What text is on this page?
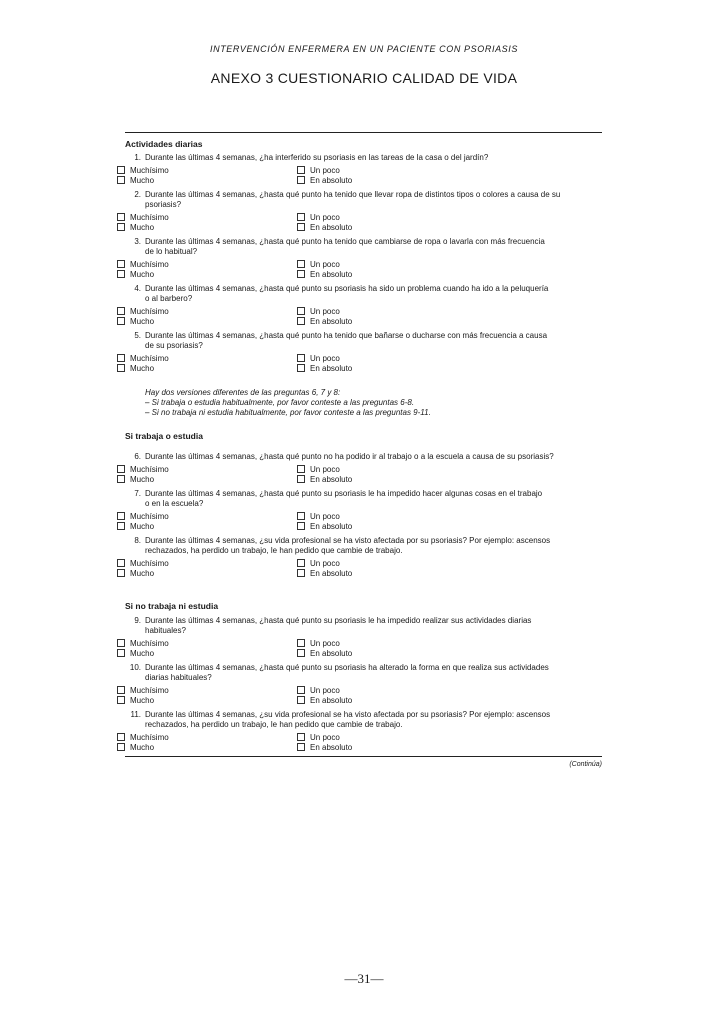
INTERVENCIÓN ENFERMERA EN UN PACIENTE CON PSORIASIS
ANEXO 3 CUESTIONARIO CALIDAD DE VIDA
Actividades diarias
1. Durante las últimas 4 semanas, ¿ha interferido su psoriasis en las tareas de la casa o del jardín?
Muchísimo	Un poco
Mucho	En absoluto
2. Durante las últimas 4 semanas, ¿hasta qué punto ha tenido que llevar ropa de distintos tipos o colores a causa de su
psoriasis?
Muchísimo	Un poco
Mucho	En absoluto
3. Durante las últimas 4 semanas, ¿hasta qué punto ha tenido que cambiarse de ropa o lavarla con más frecuencia
de lo habitual?
Muchísimo	Un poco
Mucho	En absoluto
4. Durante las últimas 4 semanas, ¿hasta qué punto su psoriasis ha sido un problema cuando ha ido a la peluquería
o al barbero?
Muchísimo	Un poco
Mucho	En absoluto
5. Durante las últimas 4 semanas, ¿hasta qué punto ha tenido que bañarse o ducharse con más frecuencia a causa
de su psoriasis?
Muchísimo	Un poco
Mucho	En absoluto
Hay dos versiones diferentes de las preguntas 6, 7 y 8:
– Si trabaja o estudia habitualmente, por favor conteste a las preguntas 6-8.
– Si no trabaja ni estudia habitualmente, por favor conteste a las preguntas 9-11.
Si trabaja o estudia
6. Durante las últimas 4 semanas, ¿hasta qué punto no ha podido ir al trabajo o a la escuela a causa de su psoriasis?
Muchísimo	Un poco
Mucho	En absoluto
7. Durante las últimas 4 semanas, ¿hasta qué punto su psoriasis le ha impedido hacer algunas cosas en el trabajo
o en la escuela?
Muchísimo	Un poco
Mucho	En absoluto
8. Durante las últimas 4 semanas, ¿su vida profesional se ha visto afectada por su psoriasis? Por ejemplo: ascensos
rechazados, ha perdido un trabajo, le han pedido que cambie de trabajo.
Muchísimo	Un poco
Mucho	En absoluto
Si no trabaja ni estudia
9. Durante las últimas 4 semanas, ¿hasta qué punto su psoriasis le ha impedido realizar sus actividades diarias
habituales?
Muchísimo	Un poco
Mucho	En absoluto
10. Durante las últimas 4 semanas, ¿hasta qué punto su psoriasis ha alterado la forma en que realiza sus actividades
diarias habituales?
Muchísimo	Un poco
Mucho	En absoluto
11. Durante las últimas 4 semanas, ¿su vida profesional se ha visto afectada por su psoriasis? Por ejemplo: ascensos
rechazados, ha perdido un trabajo, le han pedido que cambie de trabajo.
Muchísimo	Un poco
Mucho	En absoluto
(Continúa)
—31—
